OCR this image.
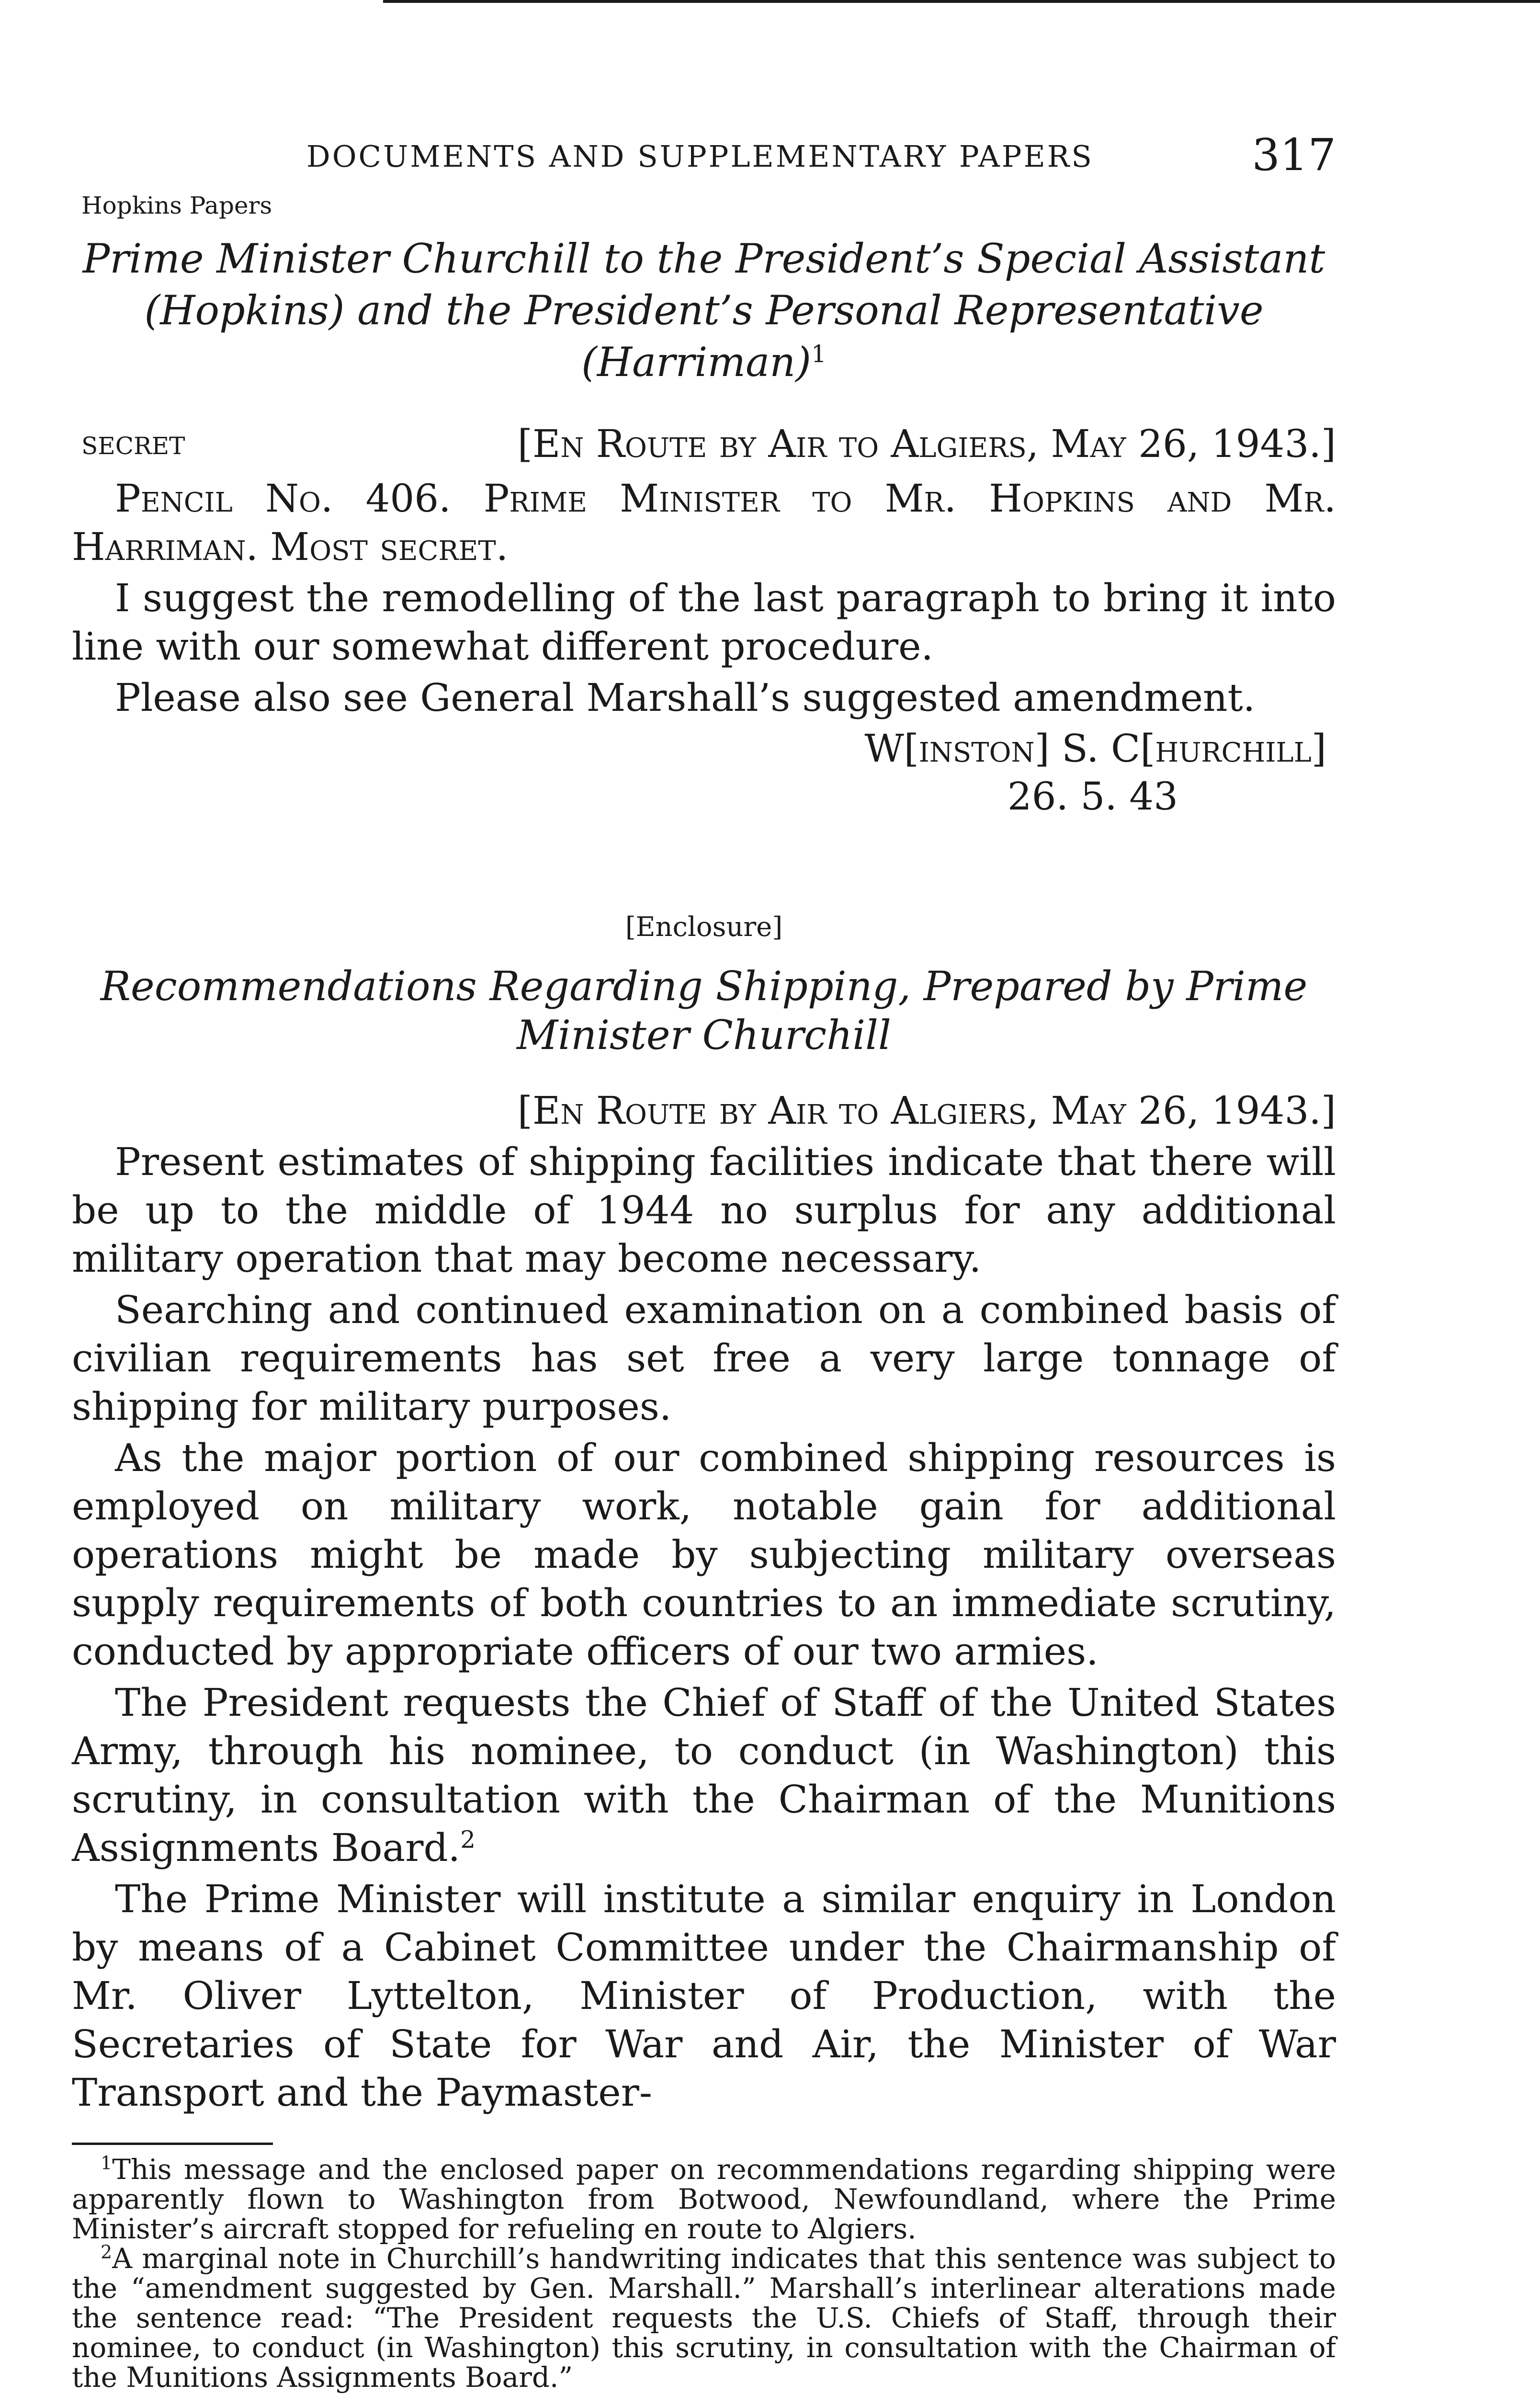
DOCUMENTS AND SUPPLEMENTARY PAPERS	317
Hopkins Papers
Prime Minister Churchill to the President’s Special Assistant (Hopkins) and the President’s Personal Representative (Harriman)$^1$
SECRET	[En Route by Air to Algiers, May 26, 1943.]

Pencil No. 406. Prime Minister to Mr. Hopkins and Mr. Harriman. Most secret.

I suggest the remodelling of the last paragraph to bring it into line with our somewhat different procedure.

Please also see General Marshall’s suggested amendment.

W[inston] S. C[hurchill]
26. 5. 43
[Enclosure]
Recommendations Regarding Shipping, Prepared by Prime Minister Churchill
[En Route by Air to Algiers, May 26, 1943.]

Present estimates of shipping facilities indicate that there will be up to the middle of 1944 no surplus for any additional military operation that may become necessary.

Searching and continued examination on a combined basis of civilian requirements has set free a very large tonnage of shipping for military purposes.

As the major portion of our combined shipping resources is employed on military work, notable gain for additional operations might be made by subjecting military overseas supply requirements of both countries to an immediate scrutiny, conducted by appropriate officers of our two armies.

The President requests the Chief of Staff of the United States Army, through his nominee, to conduct (in Washington) this scrutiny, in consultation with the Chairman of the Munitions Assignments Board.$^2$

The Prime Minister will institute a similar enquiry in London by means of a Cabinet Committee under the Chairmanship of Mr. Oliver Lyttelton, Minister of Production, with the Secretaries of State for War and Air, the Minister of War Transport and the Paymaster-

$^1$This message and the enclosed paper on recommendations regarding shipping were apparently flown to Washington from Botwood, Newfoundland, where the Prime Minister’s aircraft stopped for refueling en route to Algiers.

$^2$A marginal note in Churchill’s handwriting indicates that this sentence was subject to the “amendment suggested by Gen. Marshall.” Marshall’s interlinear alterations made the sentence read: “The President requests the U.S. Chiefs of Staff, through their nominee, to conduct (in Washington) this scrutiny, in consultation with the Chairman of the Munitions Assignments Board.”
